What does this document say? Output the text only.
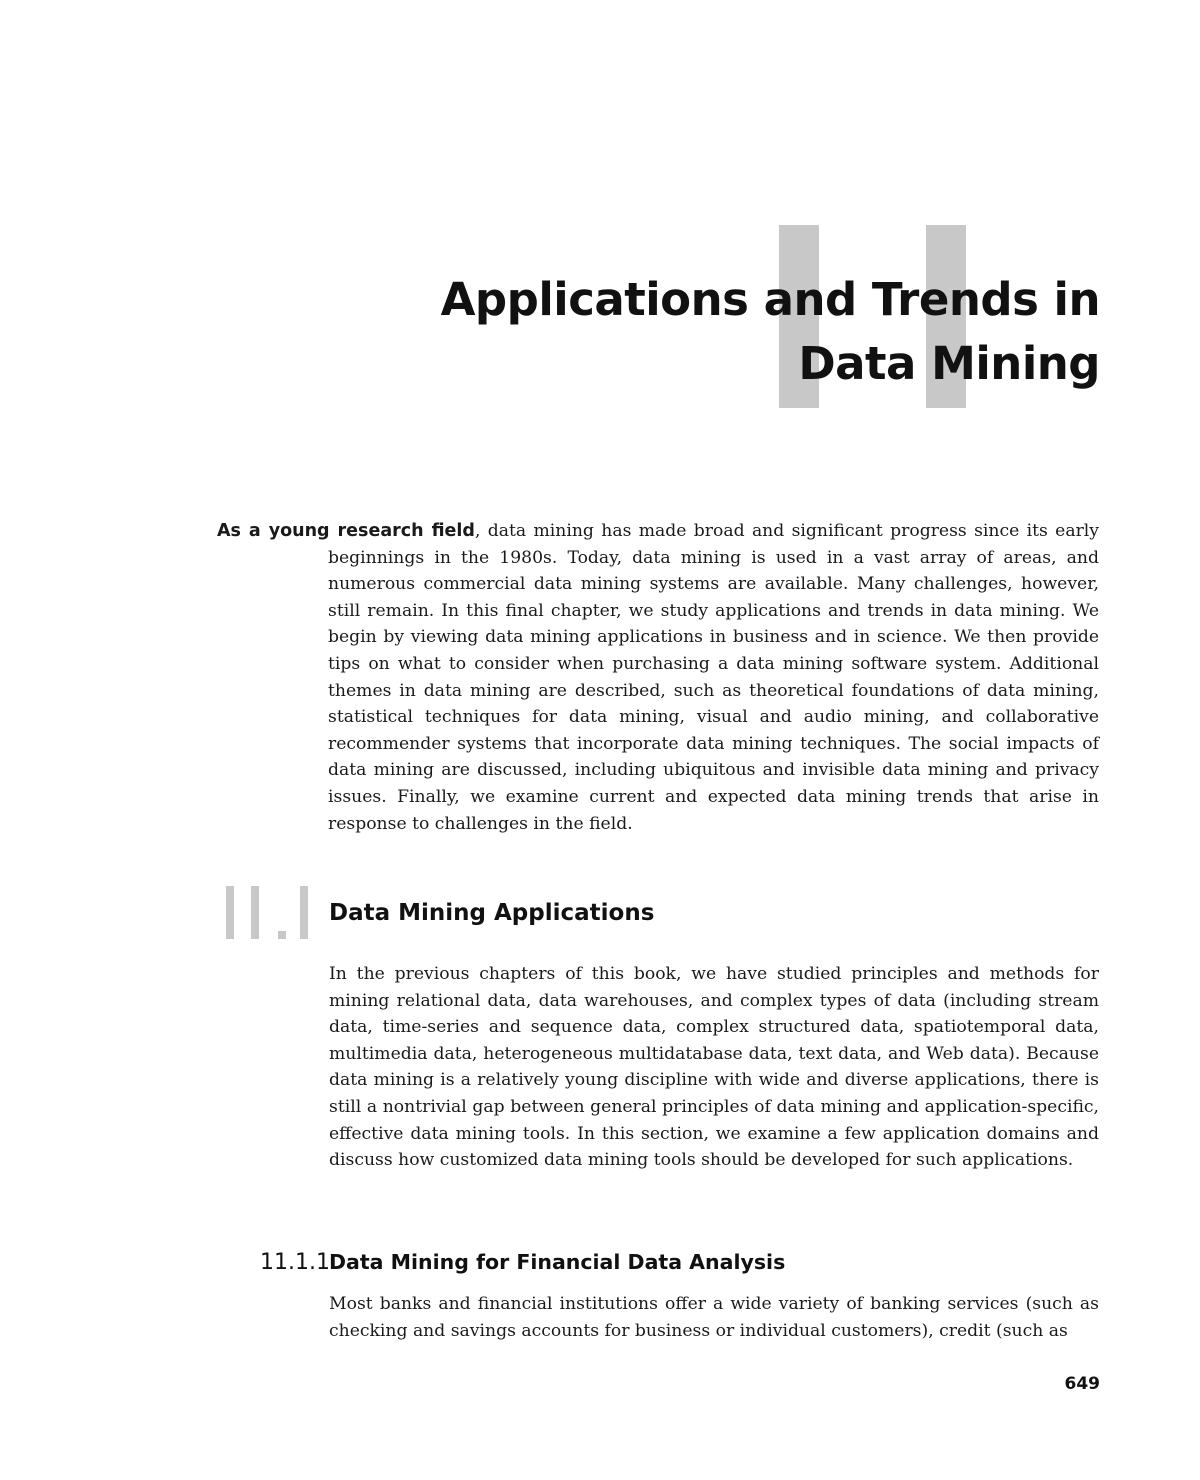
Applications and Trends in
Data Mining

As a young research field, data mining has made broad and significant progress since its early beginnings in the 1980s. Today, data mining is used in a vast array of areas, and numerous commercial data mining systems are available. Many challenges, however, still remain. In this final chapter, we study applications and trends in data mining. We begin by viewing data mining applications in business and in science. We then provide tips on what to consider when purchasing a data mining software system. Additional themes in data mining are described, such as theoretical foundations of data mining, statistical techniques for data mining, visual and audio mining, and collaborative recommender systems that incorporate data mining techniques. The social impacts of data mining are discussed, including ubiquitous and invisible data mining and privacy issues. Finally, we examine current and expected data mining trends that arise in response to challenges in the field.

Data Mining Applications

In the previous chapters of this book, we have studied principles and methods for mining relational data, data warehouses, and complex types of data (including stream data, time-series and sequence data, complex structured data, spatiotemporal data, multimedia data, heterogeneous multidatabase data, text data, and Web data). Because data mining is a relatively young discipline with wide and diverse applications, there is still a nontrivial gap between general principles of data mining and application-specific, effective data mining tools. In this section, we examine a few application domains and discuss how customized data mining tools should be developed for such applications.

11.1.1 Data Mining for Financial Data Analysis

Most banks and financial institutions offer a wide variety of banking services (such as checking and savings accounts for business or individual customers), credit (such as

649
